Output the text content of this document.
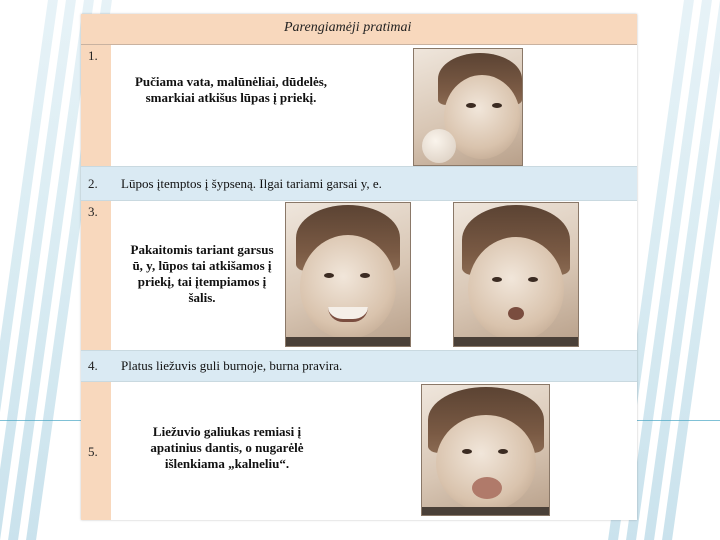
Parengiamėji pratimai
1.
Pučiama vata, malūnėliai, dūdelės, smarkiai atkišus lūpas į priekį.
2. Lūpos įtemptos į šypseną. Ilgai tariami garsai y, e.
3.
Pakaitomis tariant garsus ū, y, lūpos tai atkišamos į priekį, tai įtempiamos į šalis.
4. Platus liežuvis guli burnoje, burna pravira.
5.
Liežuvio galiukas remiasi į apatinius dantis, o nugarėlė išlenkiama „kalneliu“.
